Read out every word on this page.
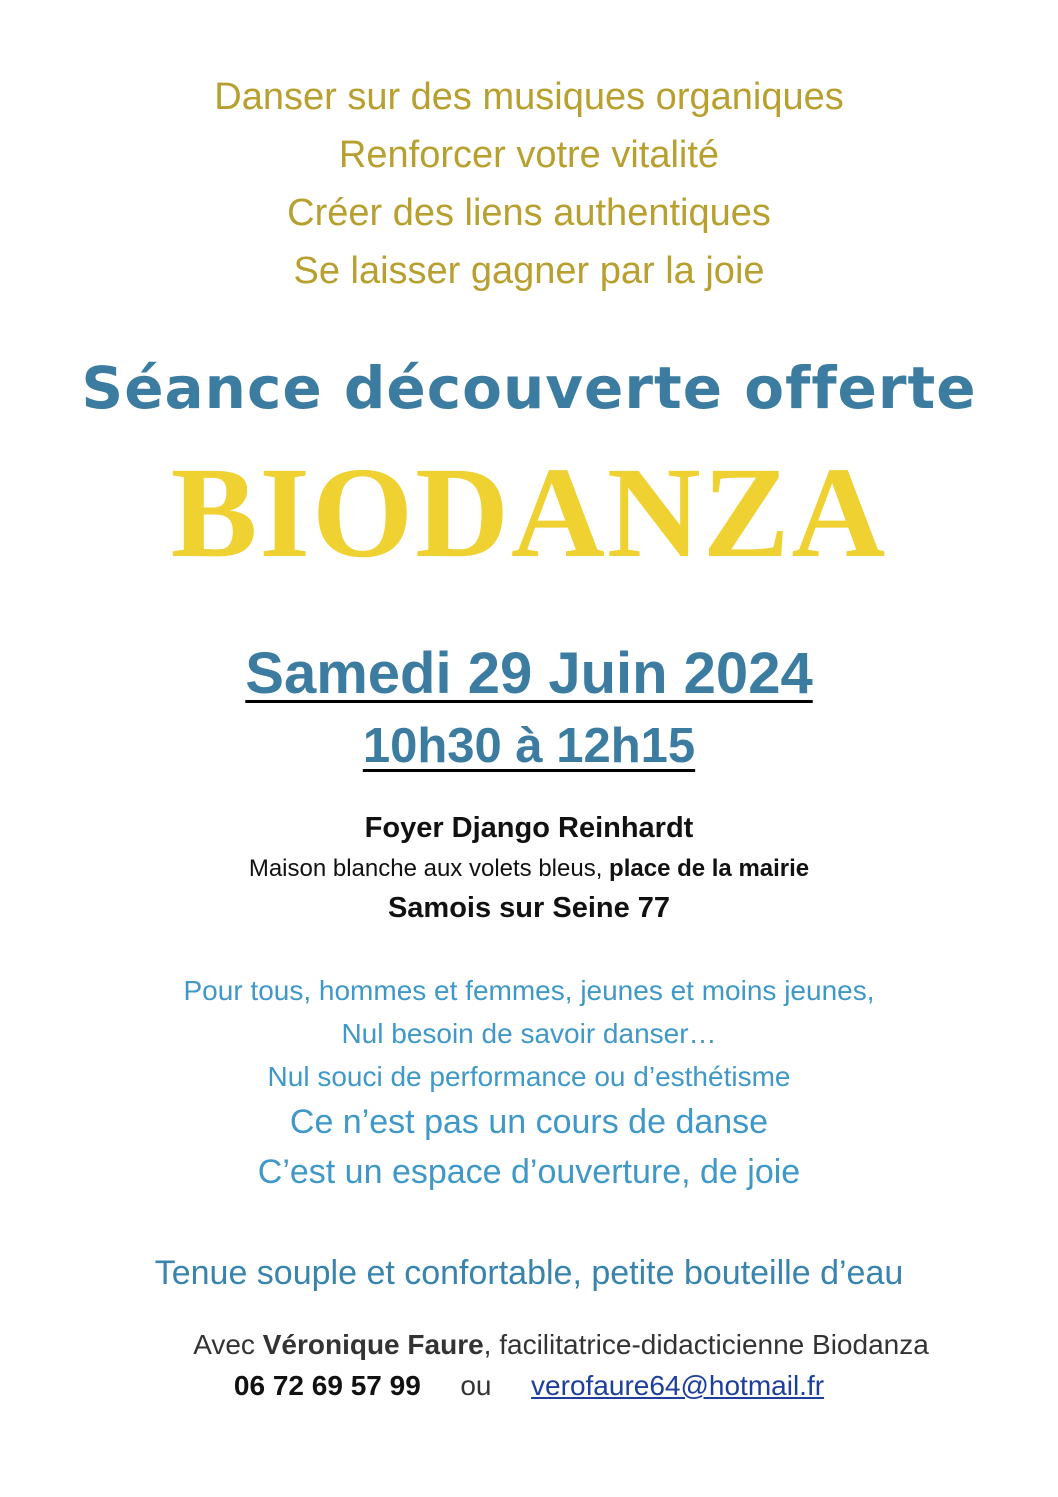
Danser sur des musiques organiques
Renforcer votre vitalité
Créer des liens authentiques
Se laisser gagner par la joie
Séance découverte offerte
BIODANZA
Samedi 29 Juin 2024
10h30 à 12h15
Foyer Django Reinhardt
Maison blanche aux volets bleus, place de la mairie
Samois sur Seine 77
Pour tous, hommes et femmes, jeunes et moins jeunes,
Nul besoin de savoir danser…
Nul souci de performance ou d’esthétisme
Ce n’est pas un cours de danse
C’est un espace d’ouverture, de joie
Tenue souple et confortable, petite bouteille d’eau
Avec Véronique Faure, facilitatrice-didacticienne Biodanza
06 72 69 57 99 ou verofaure64@hotmail.fr
